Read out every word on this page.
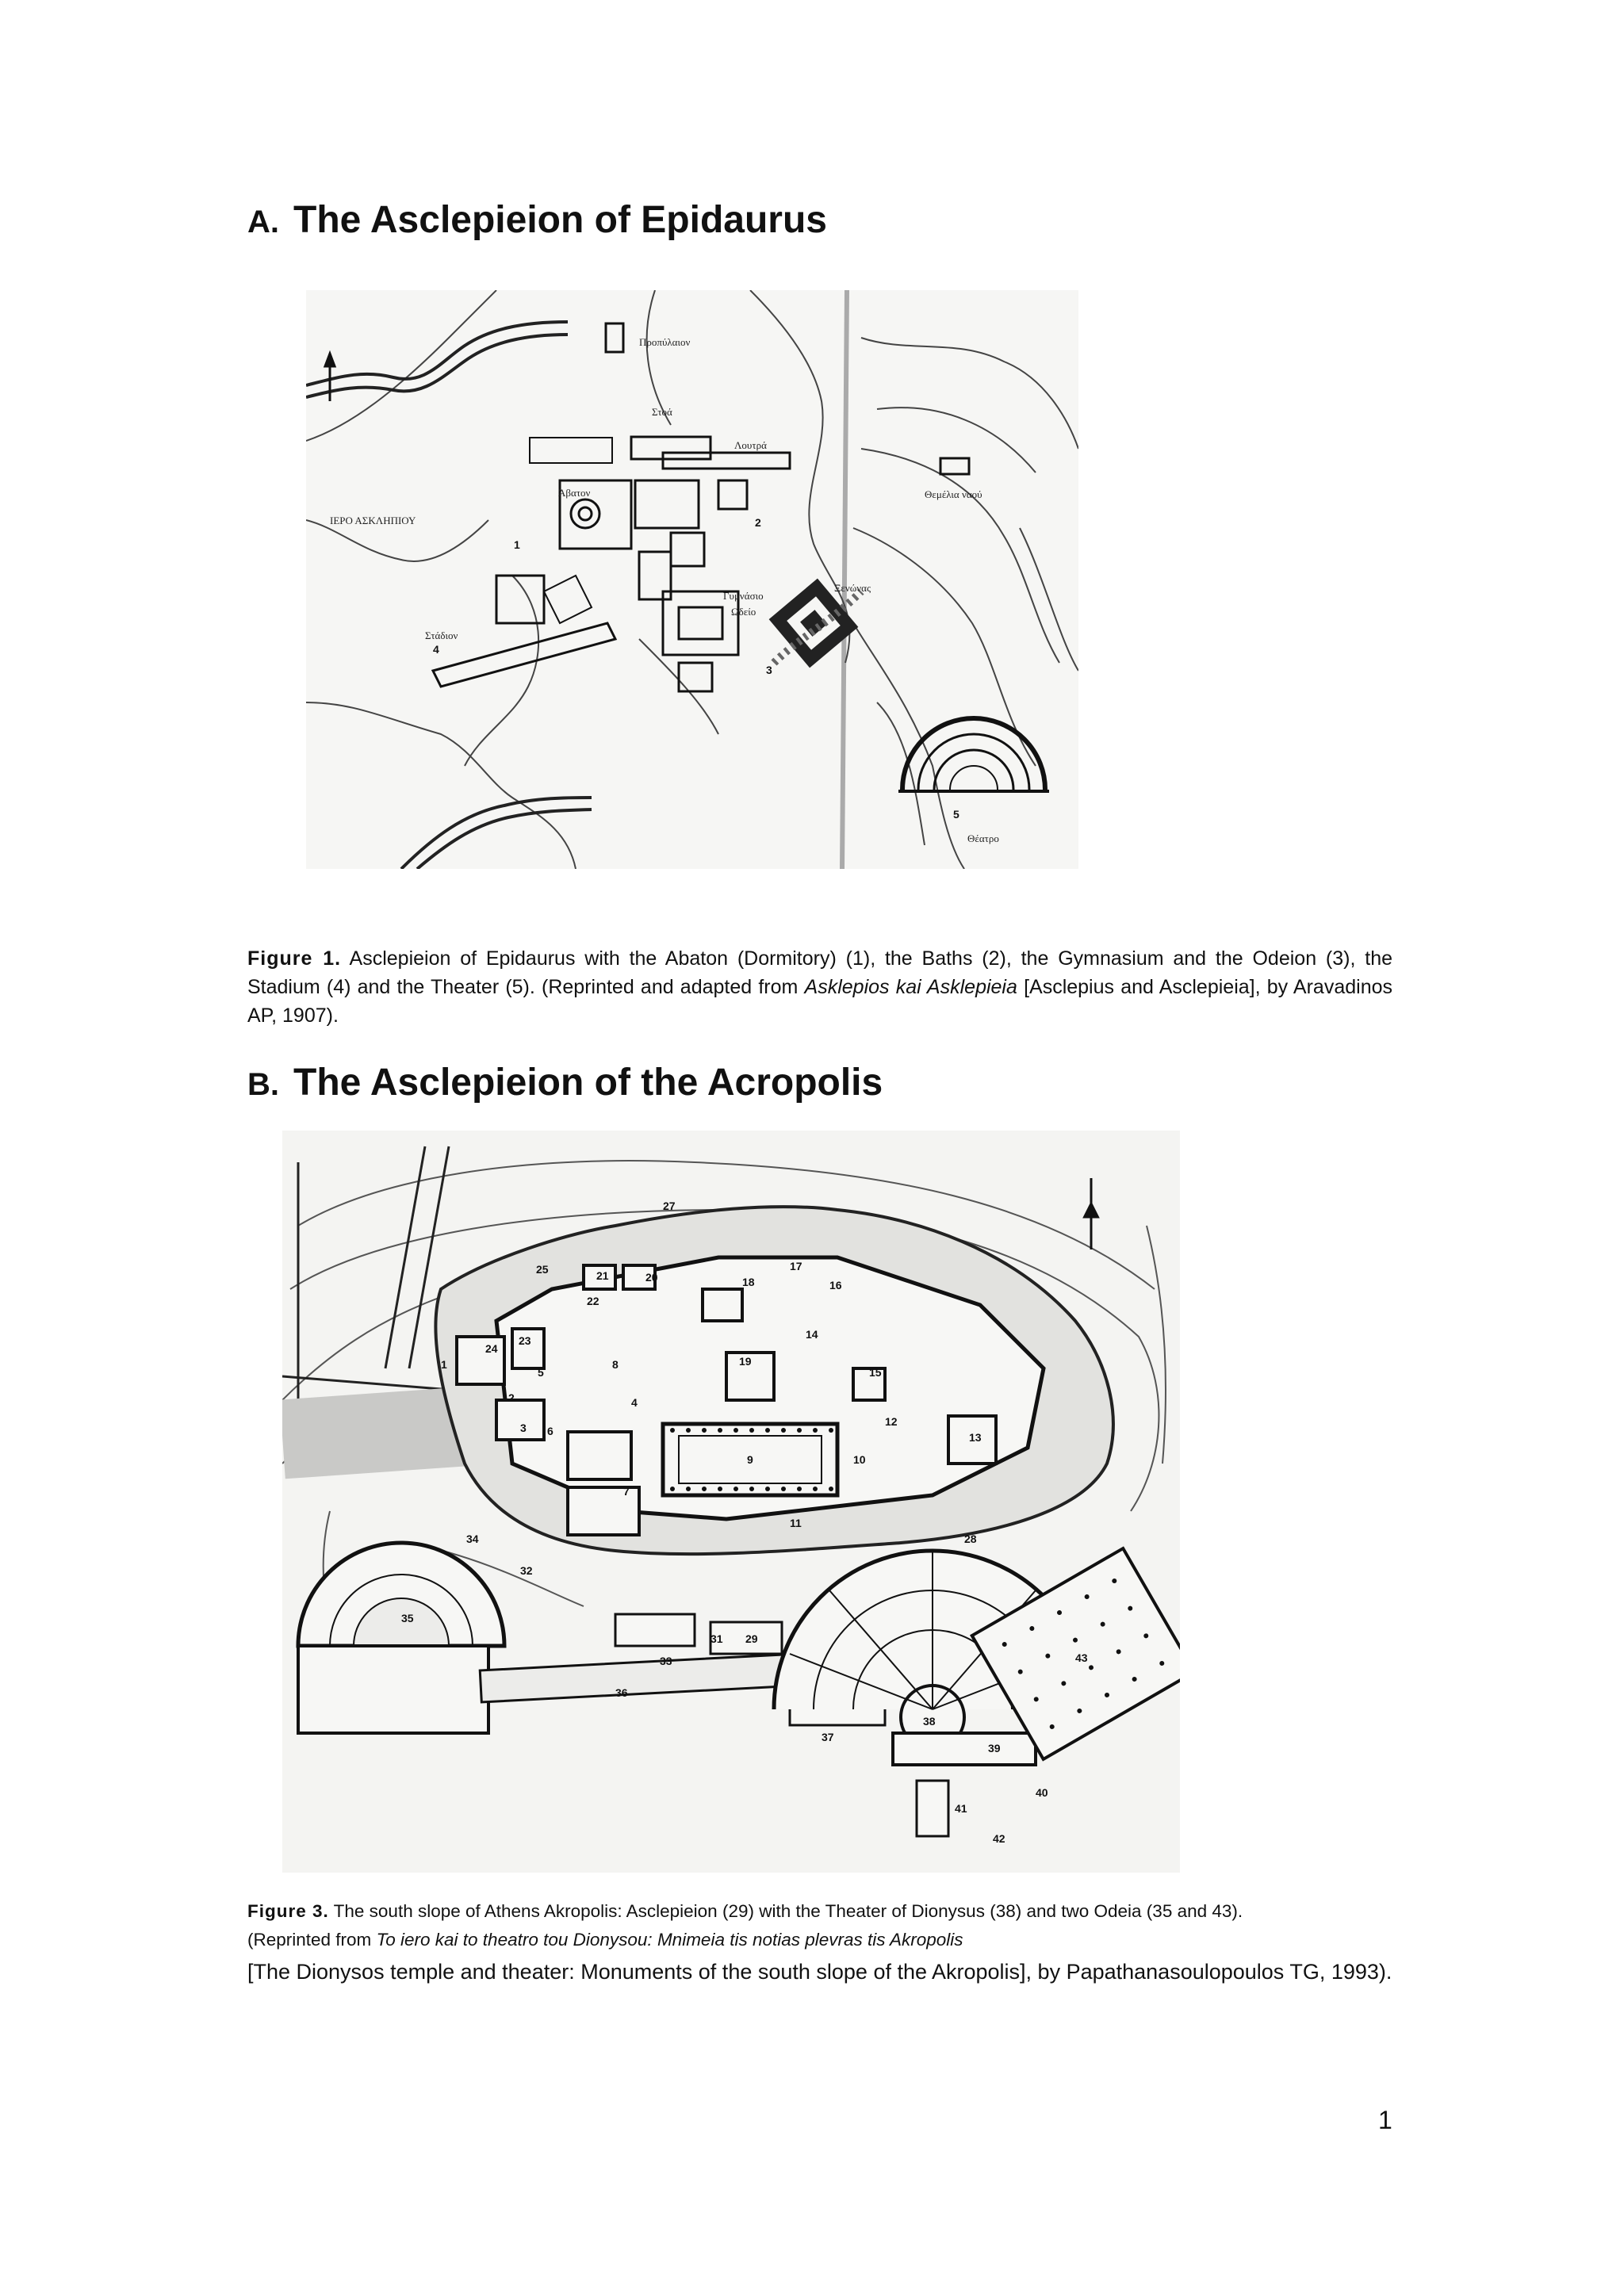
A. The Asclepieion of Epidaurus
Προπύλαιον
Στοά
Λουτρά
Άβατον
ΙΕΡΟ ΑΣΚΛΗΠΙΟΥ
Στάδιον
Γυμνάσιο
Ωδείο
Ξενώνας
Θεμέλια ναού
Θέατρο
1
2
3
4
5

Figure 1. Asclepieion of Epidaurus with the Abaton (Dormitory) (1), the Baths (2), the Gymnasium and the Odeion (3), the Stadium (4) and the Theater (5). (Reprinted and adapted from Asklepios kai Asklepieia [Asclepius and Asclepieia], by Aravadinos AP, 1907).

B. The Asclepieion of the Acropolis
1
2
3
4
5
6
7
8
9	10
11
12
13
14
15
16
17
18
19
20
21
22
23
24
25
27
28
29
31
32
33
34
35
36
37
38
39
40
41
42
43

Figure 3. The south slope of Athens Akropolis: Asclepieion (29) with the Theater of Dionysus (38) and two Odeia (35 and 43).
(Reprinted from To iero kai to theatro tou Dionysou: Mnimeia tis notias plevras tis Akropolis

[The Dionysos temple and theater: Monuments of the south slope of the Akropolis], by Papathanasoulopoulos TG, 1993).

1
